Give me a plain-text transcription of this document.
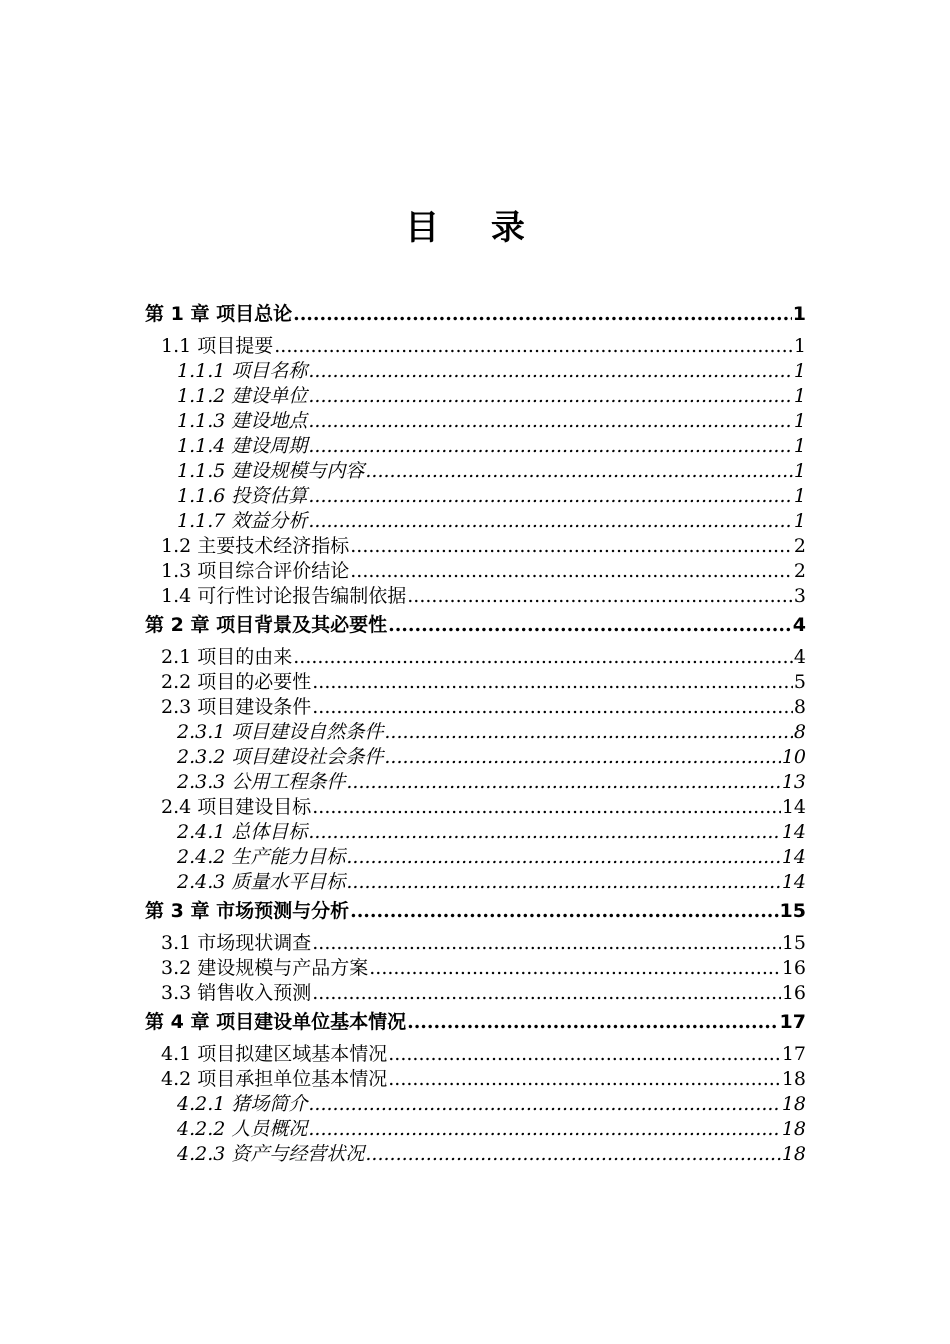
目 录
第 1 章 项目总论 .....	1
1.1 项目提要 .....	1
1.1.1 项目名称 .....	1
1.1.2 建设单位 .....	1
1.1.3 建设地点 .....	1
1.1.4 建设周期 .....	1
1.1.5 建设规模与内容 .....	1
1.1.6 投资估算 .....	1
1.1.7 效益分析 .....	1
1.2 主要技术经济指标 .....	2
1.3 项目综合评价结论 .....	2
1.4 可行性讨论报告编制依据 .....	3
第 2 章 项目背景及其必要性 .....	4
2.1 项目的由来 .....	4
2.2 项目的必要性 .....	5
2.3 项目建设条件 .....	8
2.3.1 项目建设自然条件 .....	8
2.3.2 项目建设社会条件 .....	10
2.3.3 公用工程条件 .....	13
2.4 项目建设目标 .....	14
2.4.1 总体目标 .....	14
2.4.2 生产能力目标 .....	14
2.4.3 质量水平目标 .....	14
第 3 章 市场预测与分析 .....	15
3.1 市场现状调查 .....	15
3.2 建设规模与产品方案 .....	16
3.3 销售收入预测 .....	16
第 4 章 项目建设单位基本情况 .....	17
4.1 项目拟建区域基本情况 .....	17
4.2 项目承担单位基本情况 .....	18
4.2.1 猪场简介 .....	18
4.2.2 人员概况 .....	18
4.2.3 资产与经营状况 .....	18
